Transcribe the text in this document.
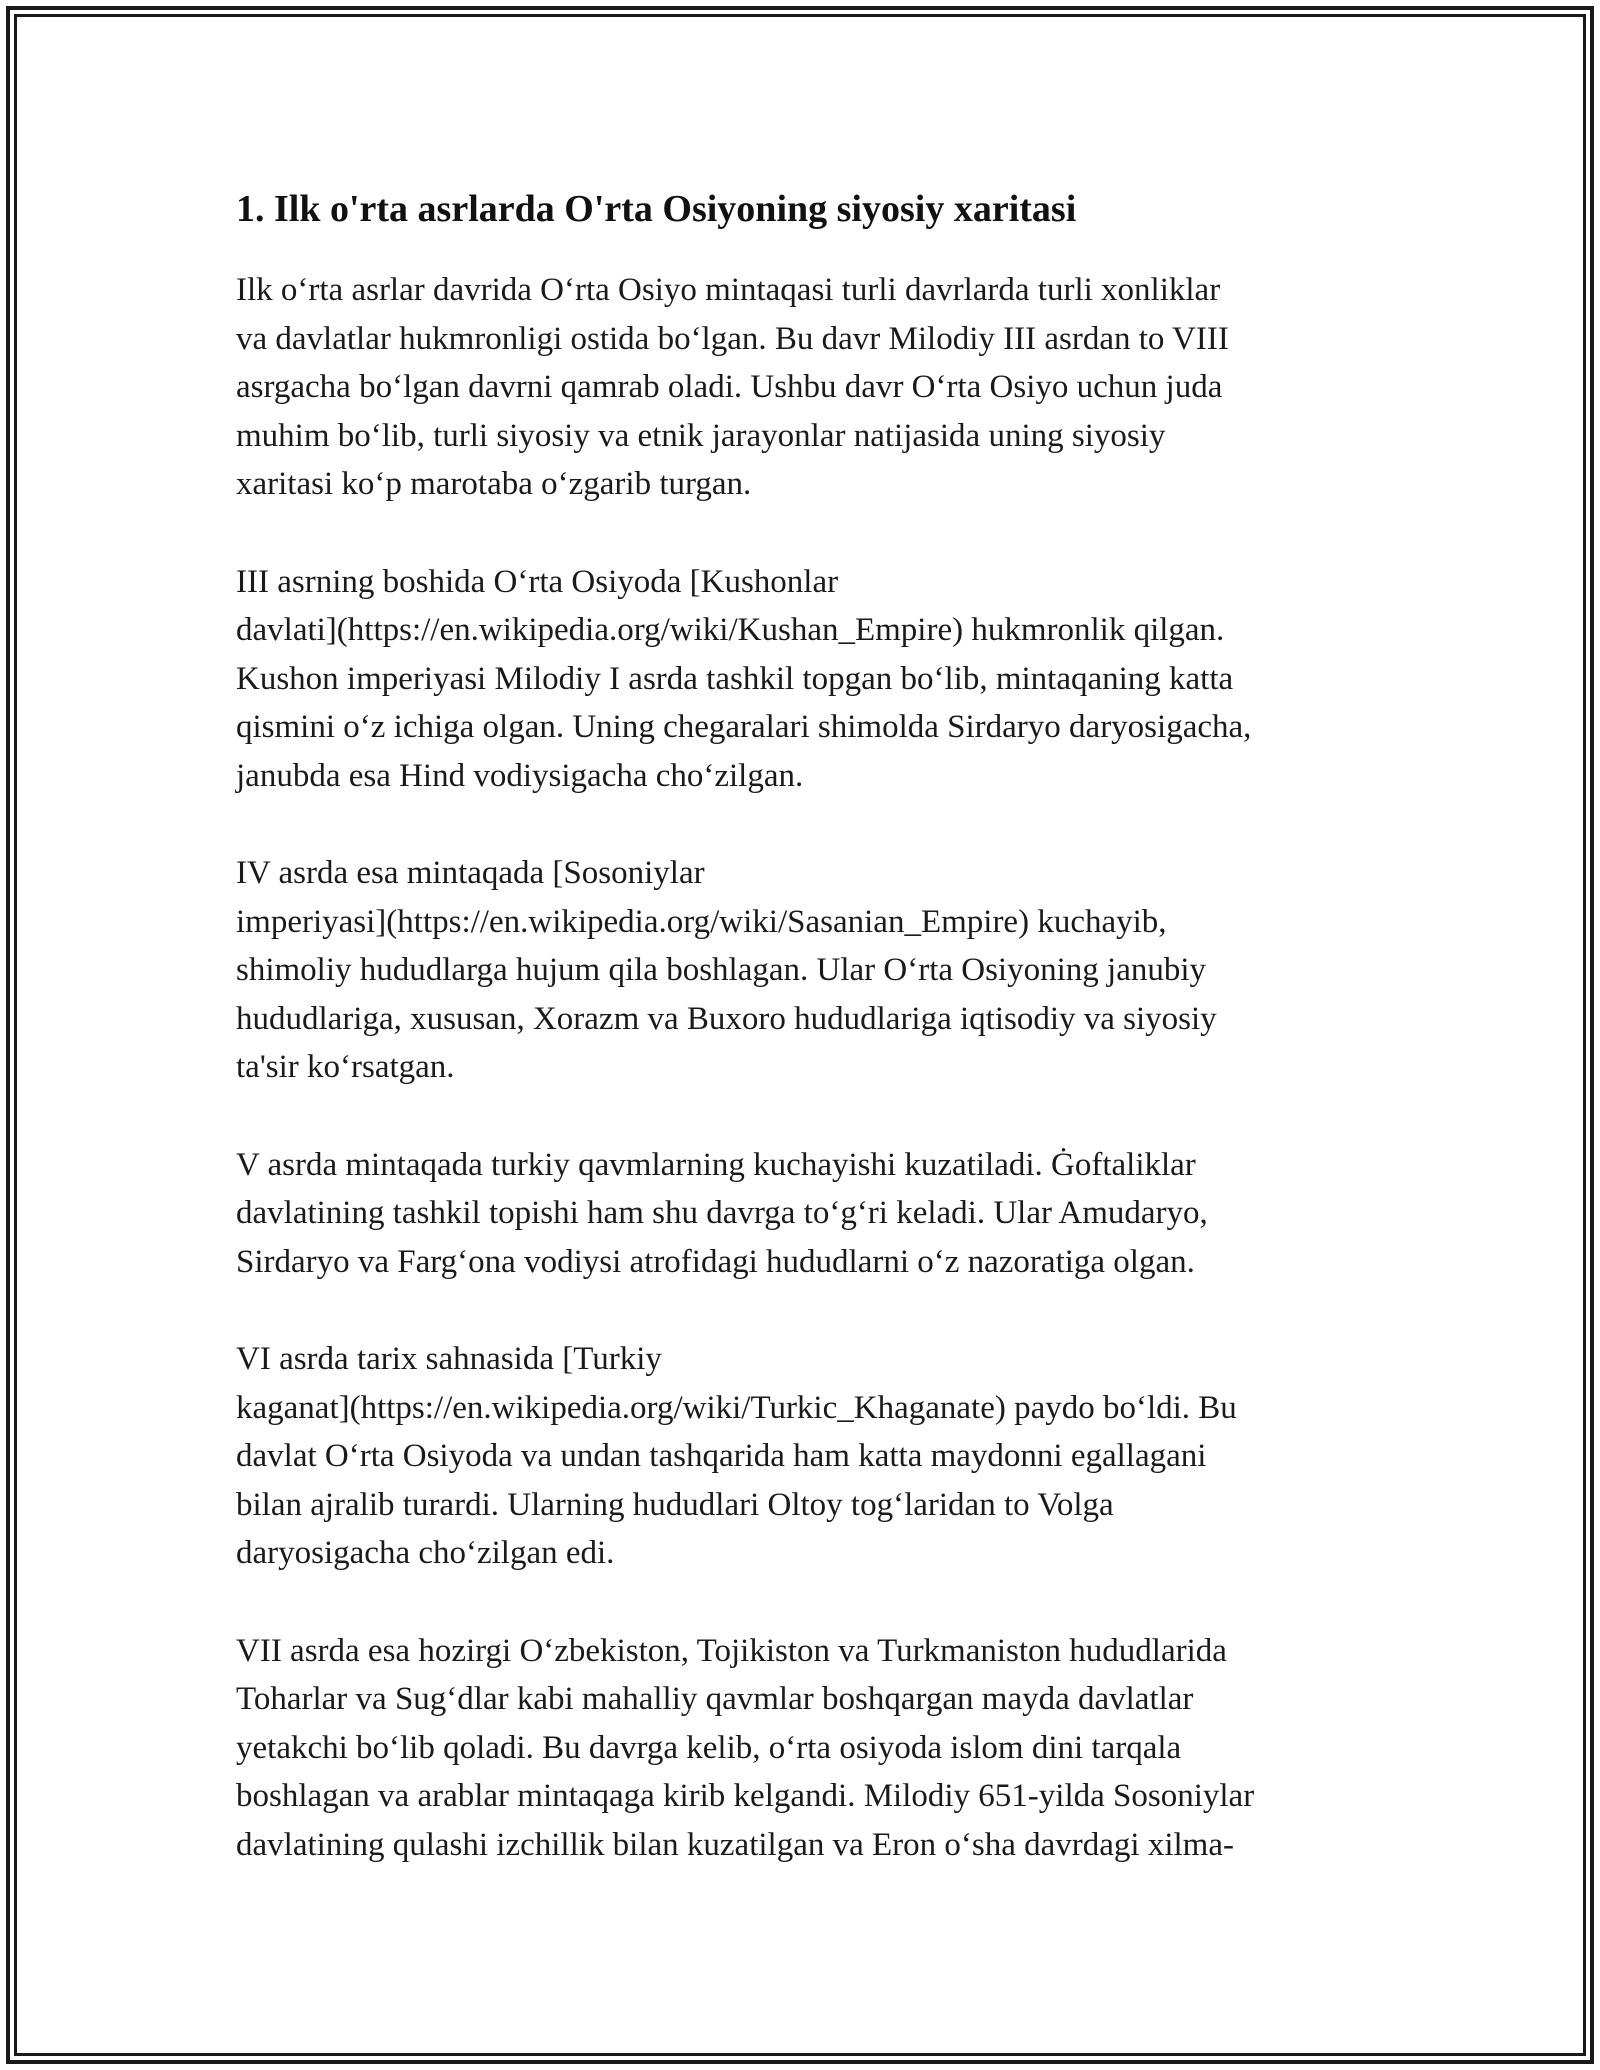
1. Ilk o'rta asrlarda O'rta Osiyoning siyosiy xaritasi

Ilk o‘rta asrlar davrida O‘rta Osiyo mintaqasi turli davrlarda turli xonliklar
va davlatlar hukmronligi ostida bo‘lgan. Bu davr Milodiy III asrdan to VIII
asrgacha bo‘lgan davrni qamrab oladi. Ushbu davr O‘rta Osiyo uchun juda
muhim bo‘lib, turli siyosiy va etnik jarayonlar natijasida uning siyosiy
xaritasi ko‘p marotaba o‘zgarib turgan.

III asrning boshida O‘rta Osiyoda [Kushonlar
davlati](https://en.wikipedia.org/wiki/Kushan_Empire) hukmronlik qilgan.
Kushon imperiyasi Milodiy I asrda tashkil topgan bo‘lib, mintaqaning katta
qismini o‘z ichiga olgan. Uning chegaralari shimolda Sirdaryo daryosigacha,
janubda esa Hind vodiysigacha cho‘zilgan.

IV asrda esa mintaqada [Sosoniylar
imperiyasi](https://en.wikipedia.org/wiki/Sasanian_Empire) kuchayib,
shimoliy hududlarga hujum qila boshlagan. Ular O‘rta Osiyoning janubiy
hududlariga, xususan, Xorazm va Buxoro hududlariga iqtisodiy va siyosiy
ta'sir ko‘rsatgan.

V asrda mintaqada turkiy qavmlarning kuchayishi kuzatiladi. Ġoftaliklar
davlatining tashkil topishi ham shu davrga to‘g‘ri keladi. Ular Amudaryo,
Sirdaryo va Farg‘ona vodiysi atrofidagi hududlarni o‘z nazoratiga olgan.

VI asrda tarix sahnasida [Turkiy
kaganat](https://en.wikipedia.org/wiki/Turkic_Khaganate) paydo bo‘ldi. Bu
davlat O‘rta Osiyoda va undan tashqarida ham katta maydonni egallagani
bilan ajralib turardi. Ularning hududlari Oltoy tog‘laridan to Volga
daryosigacha cho‘zilgan edi.

VII asrda esa hozirgi O‘zbekiston, Tojikiston va Turkmaniston hududlarida
Toharlar va Sug‘dlar kabi mahalliy qavmlar boshqargan mayda davlatlar
yetakchi bo‘lib qoladi. Bu davrga kelib, o‘rta osiyoda islom dini tarqala
boshlagan va arablar mintaqaga kirib kelgandi. Milodiy 651-yilda Sosoniylar
davlatining qulashi izchillik bilan kuzatilgan va Eron o‘sha davrdagi xilma-
